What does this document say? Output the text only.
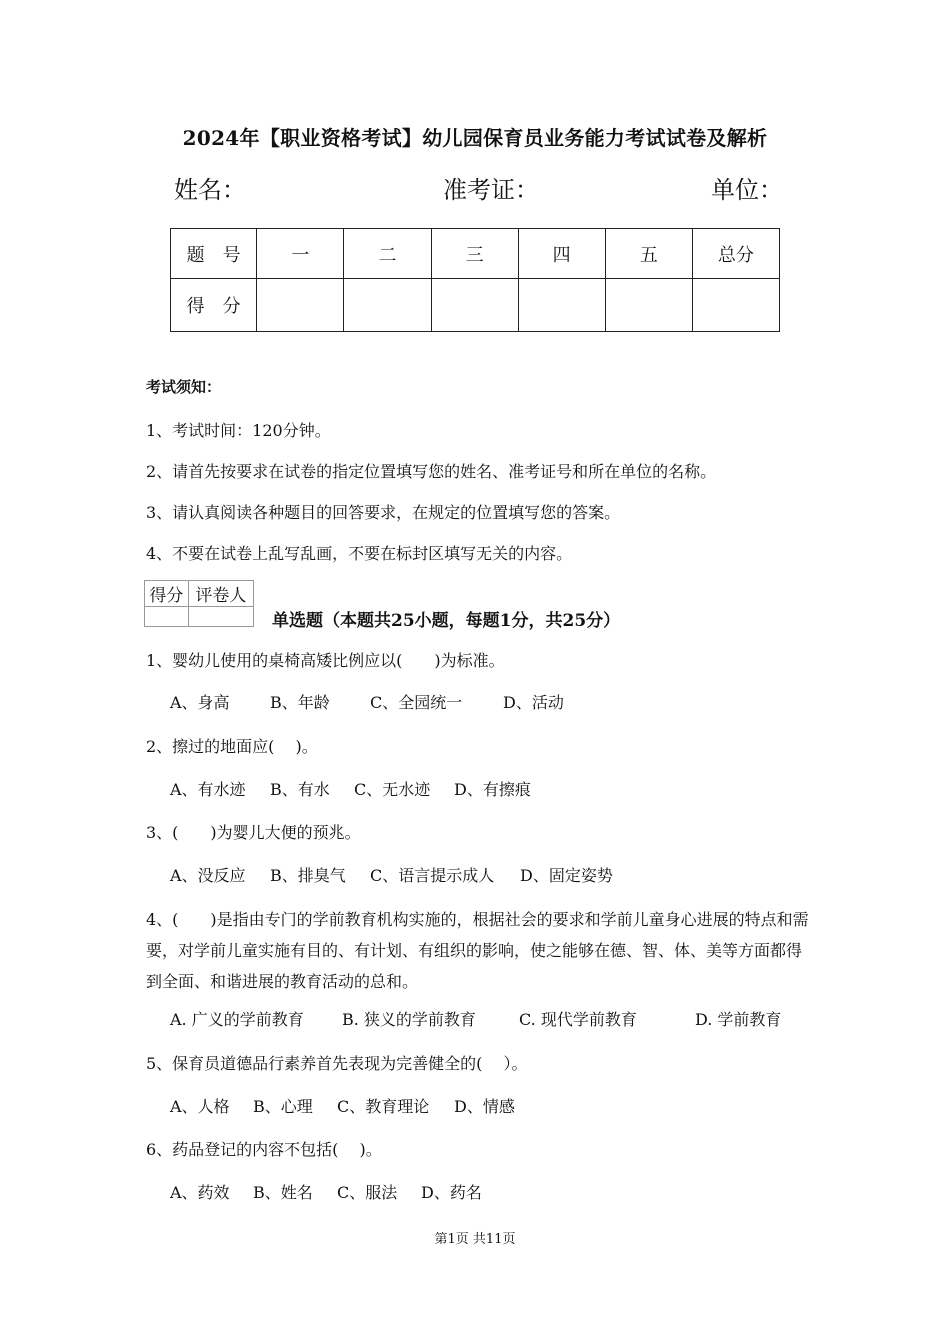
2024年【职业资格考试】幼儿园保育员业务能力考试试卷及解析
姓名：	准考证：	单位：
题　号	一	二	三	四	五	总分
得　分						
考试须知：
1、考试时间：120分钟。
2、请首先按要求在试卷的指定位置填写您的姓名、准考证号和所在单位的名称。
3、请认真阅读各种题目的回答要求，在规定的位置填写您的答案。
4、不要在试卷上乱写乱画，不要在标封区填写无关的内容。
得分	评卷人

单选题（本题共25小题，每题1分，共25分）
1、婴幼儿使用的桌椅高矮比例应以(　　)为标准。
A、身高	B、年龄	C、全园统一	D、活动
2、擦过的地面应(　 )。
A、有水迹 B、有水 C、无水迹 D、有擦痕
3、(　　)为婴儿大便的预兆。
A、没反应 B、排臭气 C、语言提示成人 D、固定姿势
4、(　　)是指由专门的学前教育机构实施的，根据社会的要求和学前儿童身心进展的特点和需要，对学前儿童实施有目的、有计划、有组织的影响，使之能够在德、智、体、美等方面都得到全面、和谐进展的教育活动的总和。
A. 广义的学前教育 B. 狭义的学前教育	C. 现代学前教育	D. 学前教育
5、保育员道德品行素养首先表现为完善健全的(　 ）。
A、人格 B、心理 C、教育理论 D、情感
6、药品登记的内容不包括(　 )。
A、药效 B、姓名 C、服法 D、药名
第1页 共11页
